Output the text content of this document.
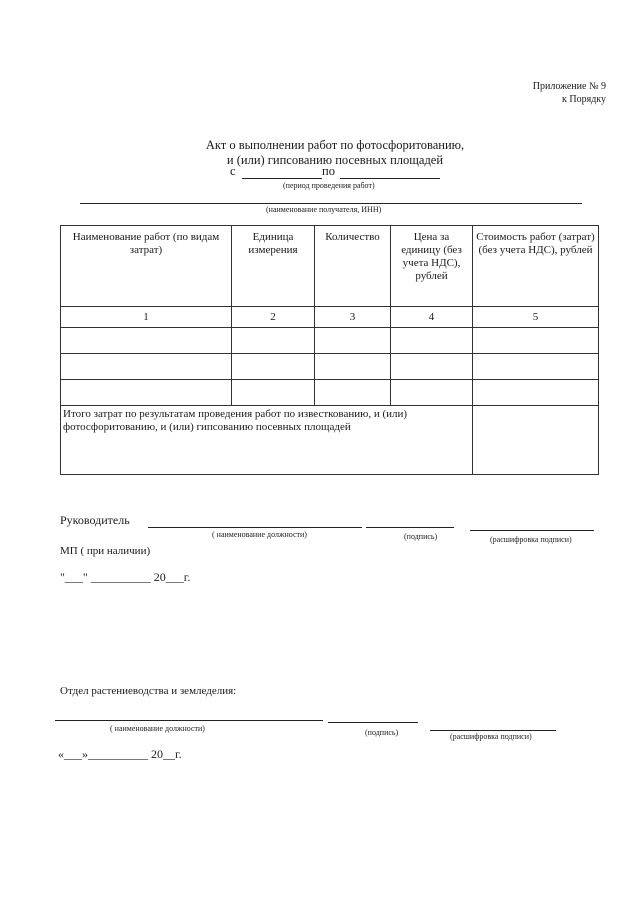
Приложение № 9
к Порядку
Акт о выполнении работ по фотосфоритованию,
и (или) гипсованию посевных площадей
с	по
(период проведения работ)
(наименование получателя, ИНН)
Наименование работ (по видам затрат)	Единица измерения	Количество	Цена за единицу (без учета НДС), рублей	Стоимость работ (затрат) (без учета НДС), рублей
1	2	3	4	5

Итого затрат по результатам проведения работ по известкованию, и (или) фотосфоритованию, и (или) гипсованию посевных площадей				
Руководитель
( наименование должности)	(подпись)	(расшифровка подписи)
МП ( при наличии)
"___" __________ 20___г.
Отдел растениеводства и земледелия:
( наименование должности)	(подпись)	(расшифровка подписи)
«___»__________ 20__г.
